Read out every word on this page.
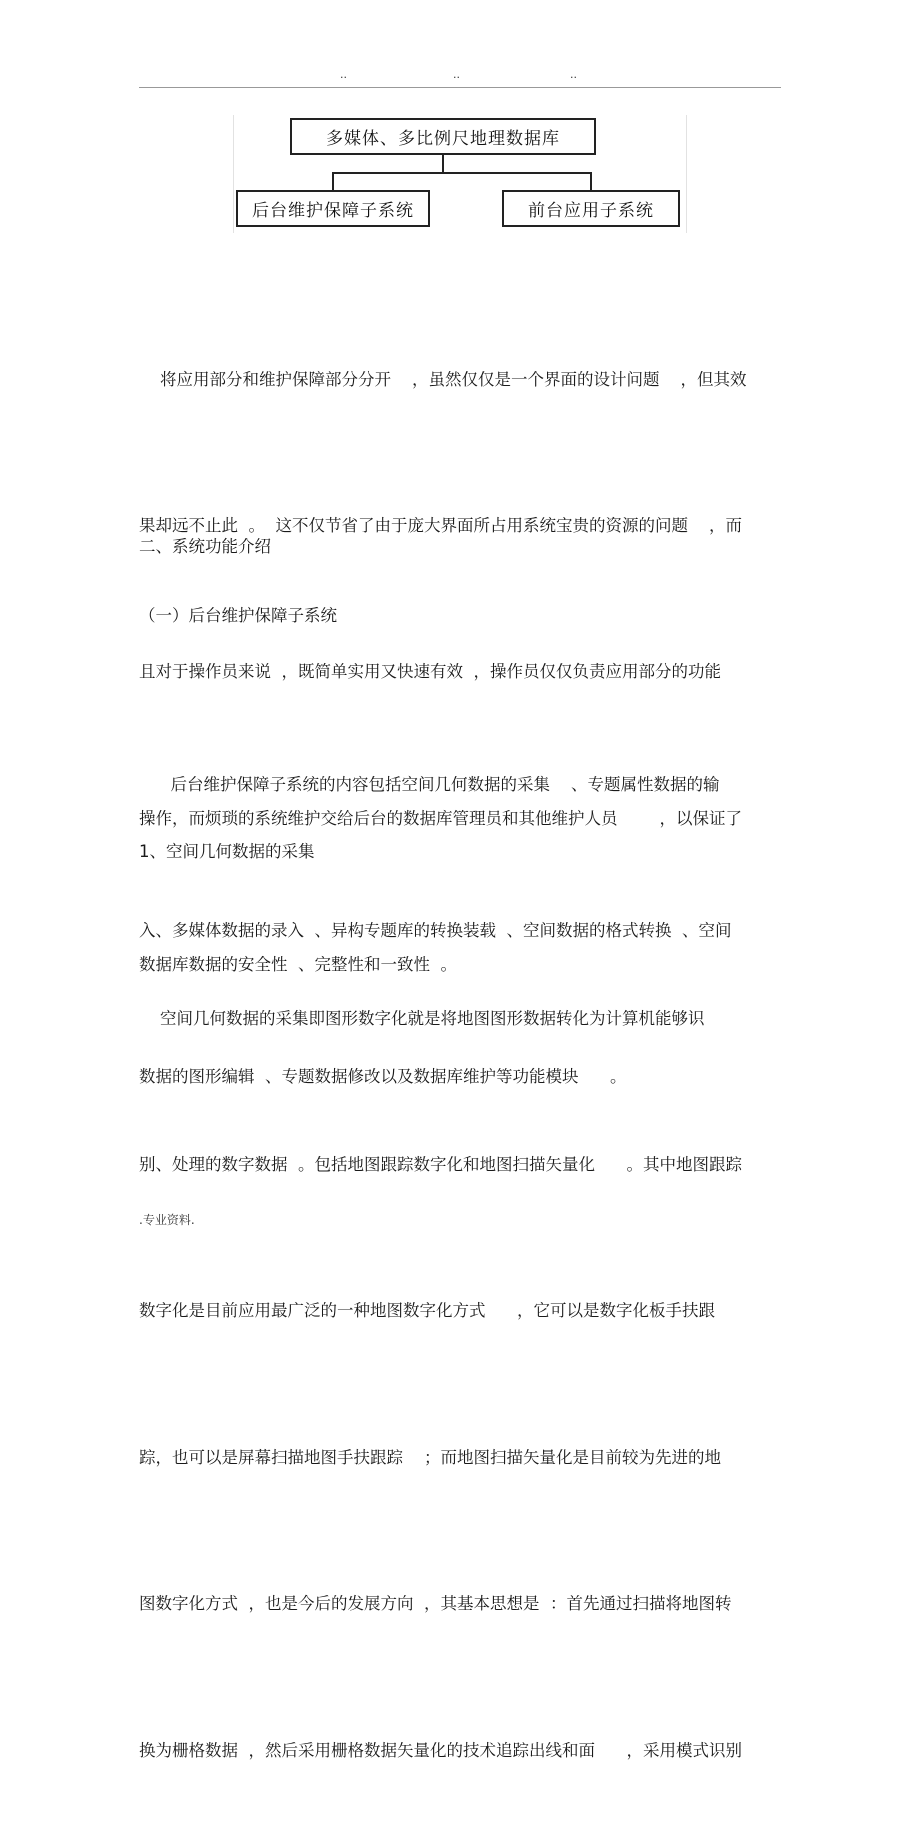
..	..	..
多媒体、多比例尺地理数据库
后台维护保障子系统	前台应用子系统

将应用部分和维护保障部分分开    ，虽然仅仅是一个界面的设计问题    ，但其效

果却远不止此  。  这不仅节省了由于庞大界面所占用系统宝贵的资源的问题    ，而

且对于操作员来说  ，既简单实用又快速有效  ，操作员仅仅负责应用部分的功能

操作，而烦琐的系统维护交给后台的数据库管理员和其他维护人员        ，以保证了

数据库数据的安全性  、完整性和一致性  。

二、系统功能介绍
（一）后台维护保障子系统

后台维护保障子系统的内容包括空间几何数据的采集    、专题属性数据的输

入、多媒体数据的录入  、异构专题库的转换装载  、空间数据的格式转换  、空间

数据的图形编辑  、专题数据修改以及数据库维护等功能模块      。

1、空间几何数据的采集

空间几何数据的采集即图形数字化就是将地图图形数据转化为计算机能够识

别、处理的数字数据  。包括地图跟踪数字化和地图扫描矢量化      。其中地图跟踪

数字化是目前应用最广泛的一种地图数字化方式      ，它可以是数字化板手扶跟

踪，也可以是屏幕扫描地图手扶跟踪    ；而地图扫描矢量化是目前较为先进的地

图数字化方式  ，也是今后的发展方向  ，其基本思想是  ：首先通过扫描将地图转

换为栅格数据  ，然后采用栅格数据矢量化的技术追踪出线和面      ，采用模式识别

.专业资料.
